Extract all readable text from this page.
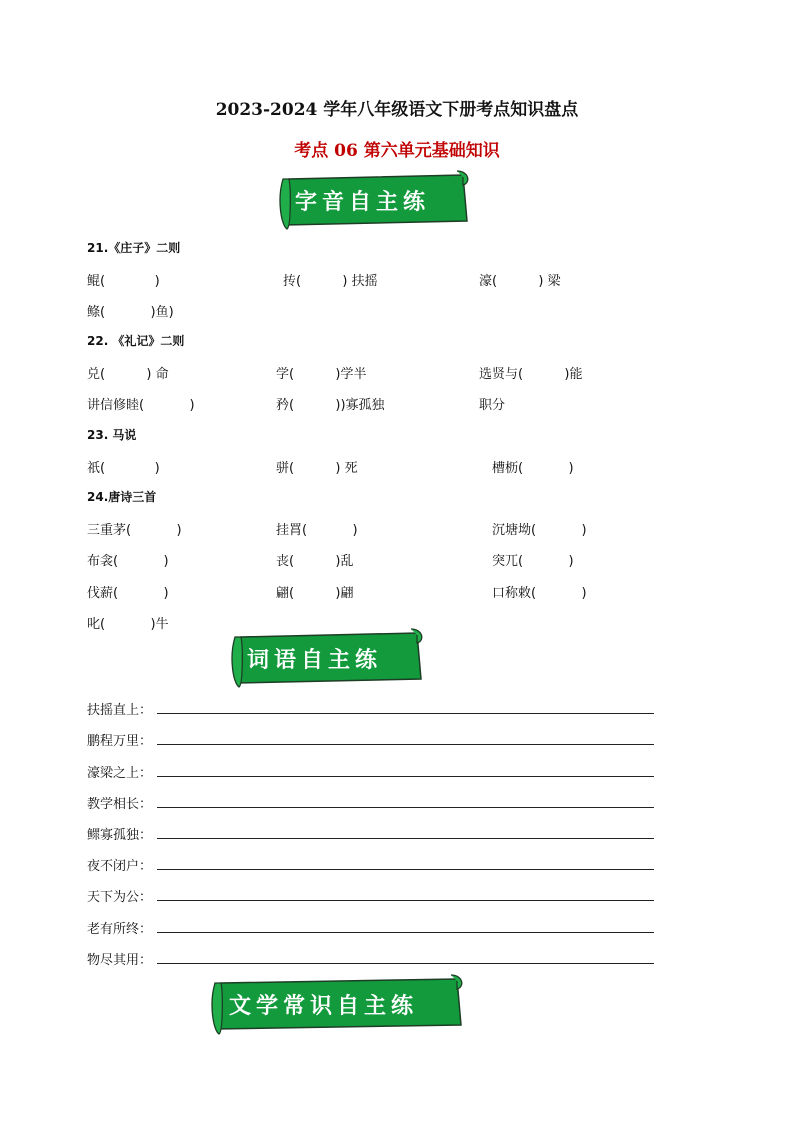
2023-2024 学年八年级语文下册考点知识盘点
考点 06 第六单元基础知识
字音自主练
21.《庄子》二则
鲲(            )	抟(          ) 扶摇	濠(          ) 梁
鲦(           )鱼)
22. 《礼记》二则
兑(          ) 命	学(          )学半	选贤与(          )能
讲信修睦(           )	矜(          ))寡孤独	职分
23. 马说
祇(            )	骈(          ) 死	槽枥(           )
24.唐诗三首
三重茅(           )	挂罥(           )	沉塘坳(           )
布衾(           )	丧(          )乱	突兀(           )
伐薪(           )	翩(          )翩	口称敕(           )
叱(           )牛
词语自主练
扶摇直上：
鹏程万里：
濠梁之上：
教学相长：
鳏寡孤独：
夜不闭户：
天下为公：
老有所终：
物尽其用：
文学常识自主练
